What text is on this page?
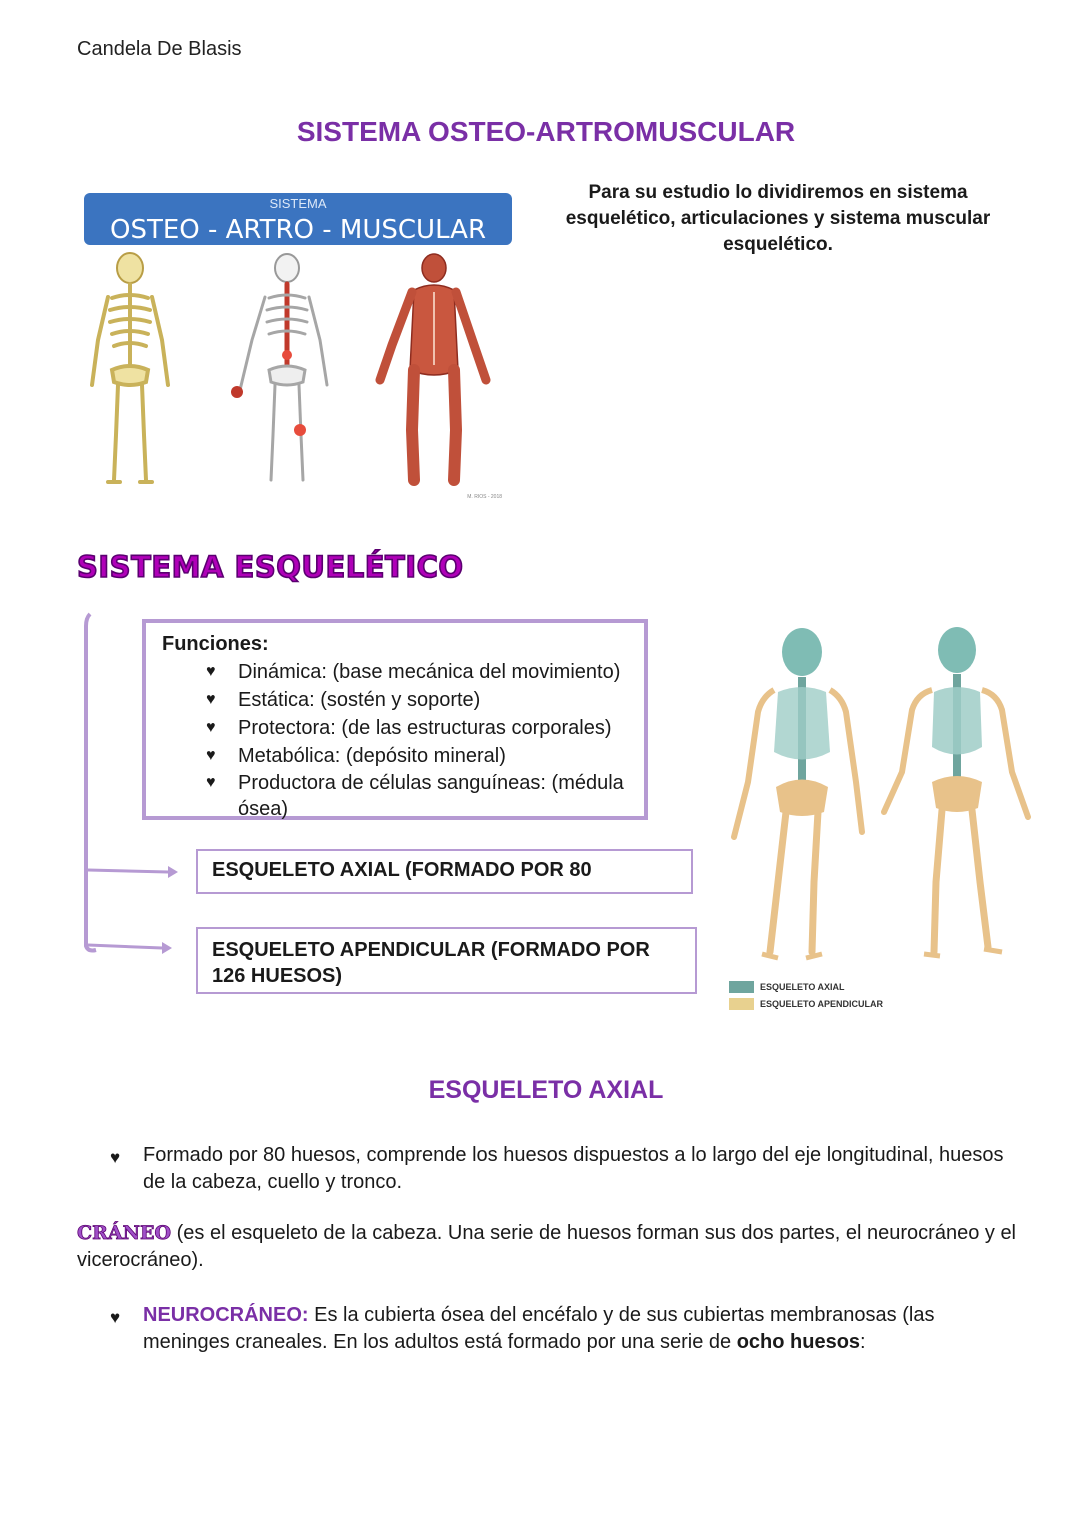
Candela De Blasis
SISTEMA OSTEO-ARTROMUSCULAR
SISTEMA
OSTEO - ARTRO - MUSCULAR
M. RIOS - 2018
Para su estudio lo dividiremos en sistema esquelético, articulaciones y sistema muscular esquelético.
SISTEMA ESQUELÉTICO
Funciones:
♥ Dinámica: (base mecánica del movimiento)
♥ Estática: (sostén y soporte)
♥ Protectora: (de las estructuras corporales)
♥ Metabólica: (depósito mineral)
♥ Productora de células sanguíneas: (médula ósea)
ESQUELETO AXIAL (FORMADO POR 80
ESQUELETO APENDICULAR (FORMADO POR 126 HUESOS)	ESQUELETO AXIAL
ESQUELETO APENDICULAR
ESQUELETO AXIAL
♥ Formado por 80 huesos, comprende los huesos dispuestos a lo largo del eje longitudinal, huesos de la cabeza, cuello y tronco.
CRÁNEO (es el esqueleto de la cabeza. Una serie de huesos forman sus dos partes, el neurocráneo y el vicerocráneo).
♥ NEUROCRÁNEO: Es la cubierta ósea del encéfalo y de sus cubiertas membranosas (las meninges craneales. En los adultos está formado por una serie de ocho huesos:
